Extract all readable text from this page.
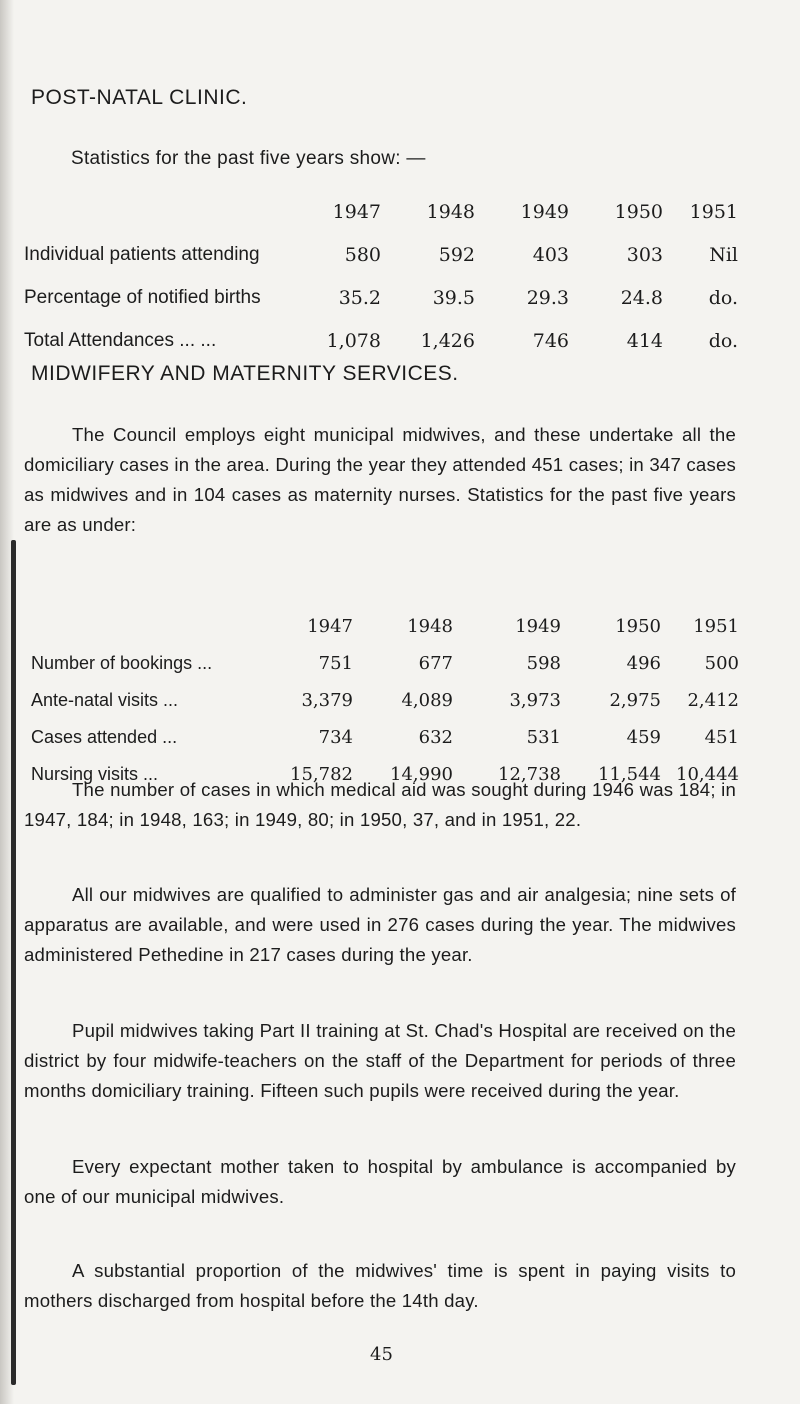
POST-NATAL CLINIC.
Statistics for the past five years show: —
	1947	1948	1949	1950	1951
Individual patients attending	580	592	403	303	Nil
Percentage of notified births	35.2	39.5	29.3	24.8	do.
Total Attendances ... ...	1,078	1,426	746	414	do.
MIDWIFERY AND MATERNITY SERVICES.
The Council employs eight municipal midwives, and these undertake all the domiciliary cases in the area. During the year they attended 451 cases; in 347 cases as midwives and in 104 cases as maternity nurses. Statistics for the past five years are as under:
	1947	1948	1949	1950	1951
Number of bookings ...	751	677	598	496	500
Ante-natal visits ...	3,379	4,089	3,973	2,975	2,412
Cases attended ...	734	632	531	459	451
Nursing visits ...	15,782	14,990	12,738	11,544	10,444
The number of cases in which medical aid was sought during 1946 was 184; in 1947, 184; in 1948, 163; in 1949, 80; in 1950, 37, and in 1951, 22.
All our midwives are qualified to administer gas and air analgesia; nine sets of apparatus are available, and were used in 276 cases during the year. The midwives administered Pethedine in 217 cases during the year.
Pupil midwives taking Part II training at St. Chad's Hospital are received on the district by four midwife-teachers on the staff of the Department for periods of three months domiciliary training. Fifteen such pupils were received during the year.
Every expectant mother taken to hospital by ambulance is accompanied by one of our municipal midwives.
A substantial proportion of the midwives' time is spent in paying visits to mothers discharged from hospital before the 14th day.
45
